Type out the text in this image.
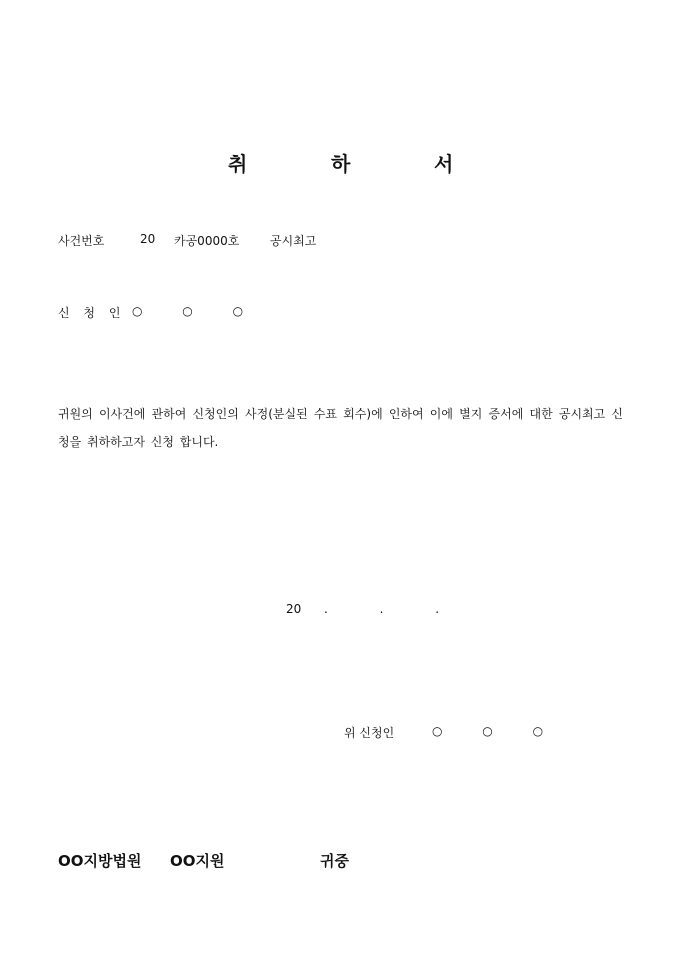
취	하	서
사건번호	20 카공0000호	공시최고
신 청 인 ○ ○ ○
귀원의 이사건에 관하여 신청인의 사정(분실된 수표 회수)에 인하여 이에 별지 증서에 대한 공시최고 신청을 취하하고자 신청 합니다.
20 . . .
위 신청인	○ ○ ○
OO지방법원 OO지원	귀중
